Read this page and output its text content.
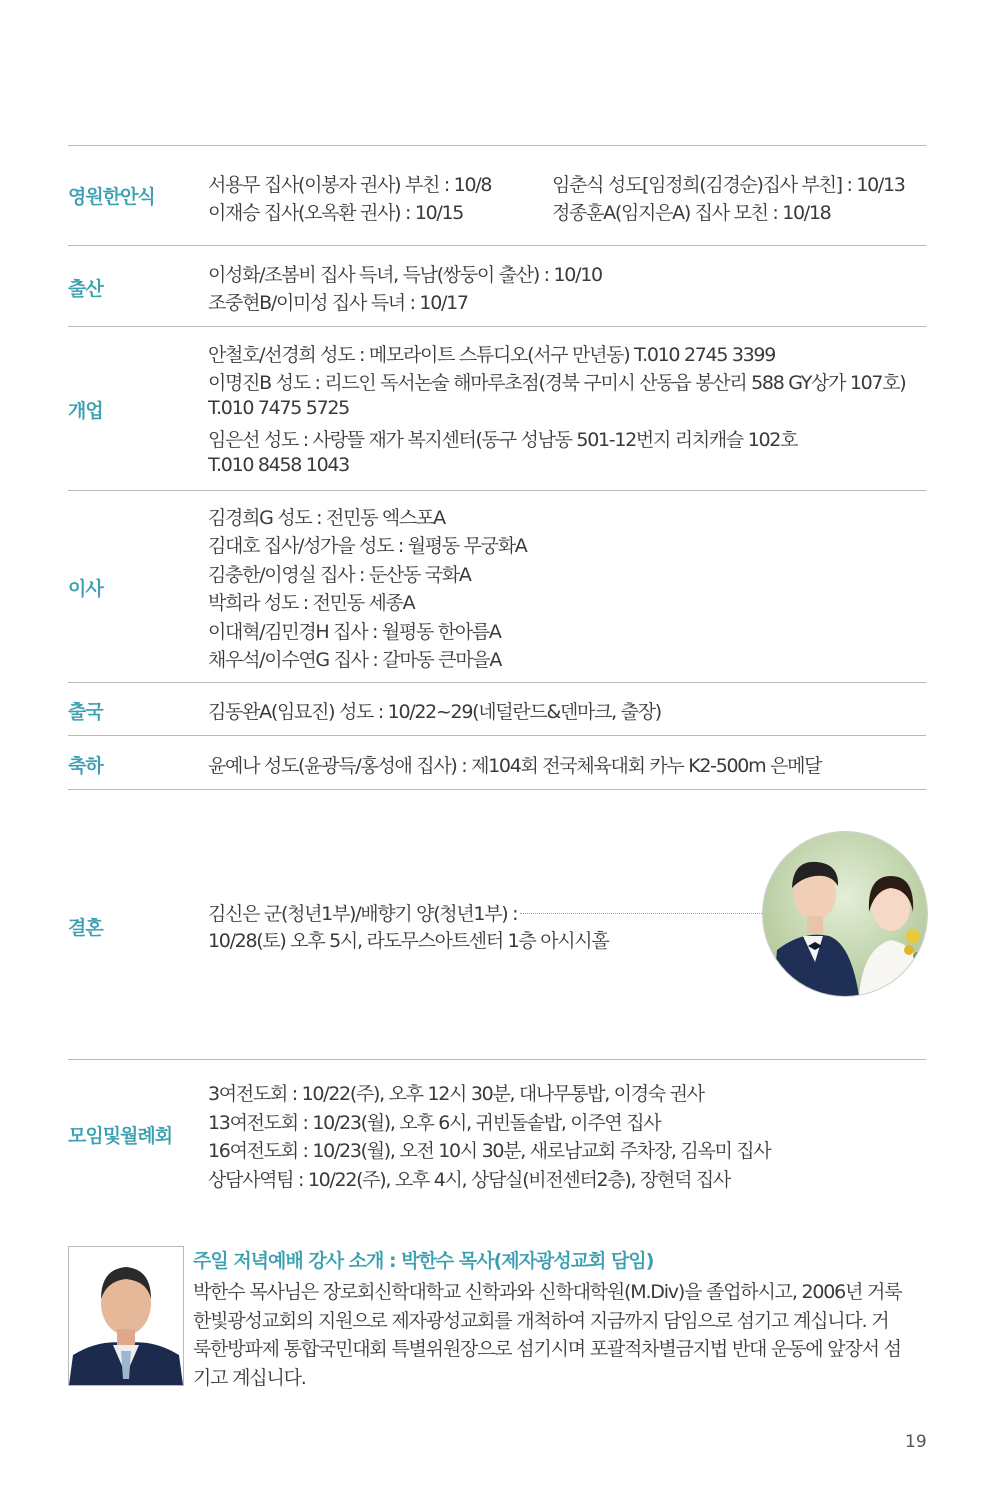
영원한안식
서용무 집사(이봉자 권사) 부친 : 10/8
이재승 집사(오옥환 권사) : 10/15
임춘식 성도[임정희(김경순)집사 부친] : 10/13
정종훈A(임지은A) 집사 모친 : 10/18
출산
이성화/조봄비 집사 득녀, 득남(쌍둥이 출산) : 10/10
조중현B/이미성 집사 득녀 : 10/17
개업
안철호/선경희 성도 : 메모라이트 스튜디오(서구 만년동) T.010 2745 3399
이명진B 성도 : 리드인 독서논술 해마루초점(경북 구미시 산동읍 봉산리 588 GY상가 107호)
T.010 7475 5725
임은선 성도 : 사랑뜰 재가 복지센터(동구 성남동 501-12번지 리치캐슬 102호
T.010 8458 1043
이사
김경희G 성도 : 전민동 엑스포A
김대호 집사/성가을 성도 : 월평동 무궁화A
김충한/이영실 집사 : 둔산동 국화A
박희라 성도 : 전민동 세종A
이대혁/김민경H 집사 : 월평동 한아름A
채우석/이수연G 집사 : 갈마동 큰마을A
출국	김동완A(임묘진) 성도 : 10/22~29(네덜란드&덴마크, 출장)
축하	윤예나 성도(윤광득/홍성애 집사) : 제104회 전국체육대회 카누 K2-500m 은메달
결혼
김신은 군(청년1부)/배향기 양(청년1부) :
10/28(토) 오후 5시, 라도무스아트센터 1층 아시시홀
모임및월례회
3여전도회 : 10/22(주), 오후 12시 30분, 대나무통밥, 이경숙 권사
13여전도회 : 10/23(월), 오후 6시, 귀빈돌솥밥, 이주연 집사
16여전도회 : 10/23(월), 오전 10시 30분, 새로남교회 주차장, 김옥미 집사
상담사역팀 : 10/22(주), 오후 4시, 상담실(비전센터2층), 장현덕 집사
주일 저녁예배 강사 소개 : 박한수 목사(제자광성교회 담임)
박한수 목사님은 장로회신학대학교 신학과와 신학대학원(M.Div)을 졸업하시고, 2006년 거룩
한빛광성교회의 지원으로 제자광성교회를 개척하여 지금까지 담임으로 섬기고 계십니다. 거
룩한방파제 통합국민대회 특별위원장으로 섬기시며 포괄적차별금지법 반대 운동에 앞장서 섬
기고 계십니다.
19
